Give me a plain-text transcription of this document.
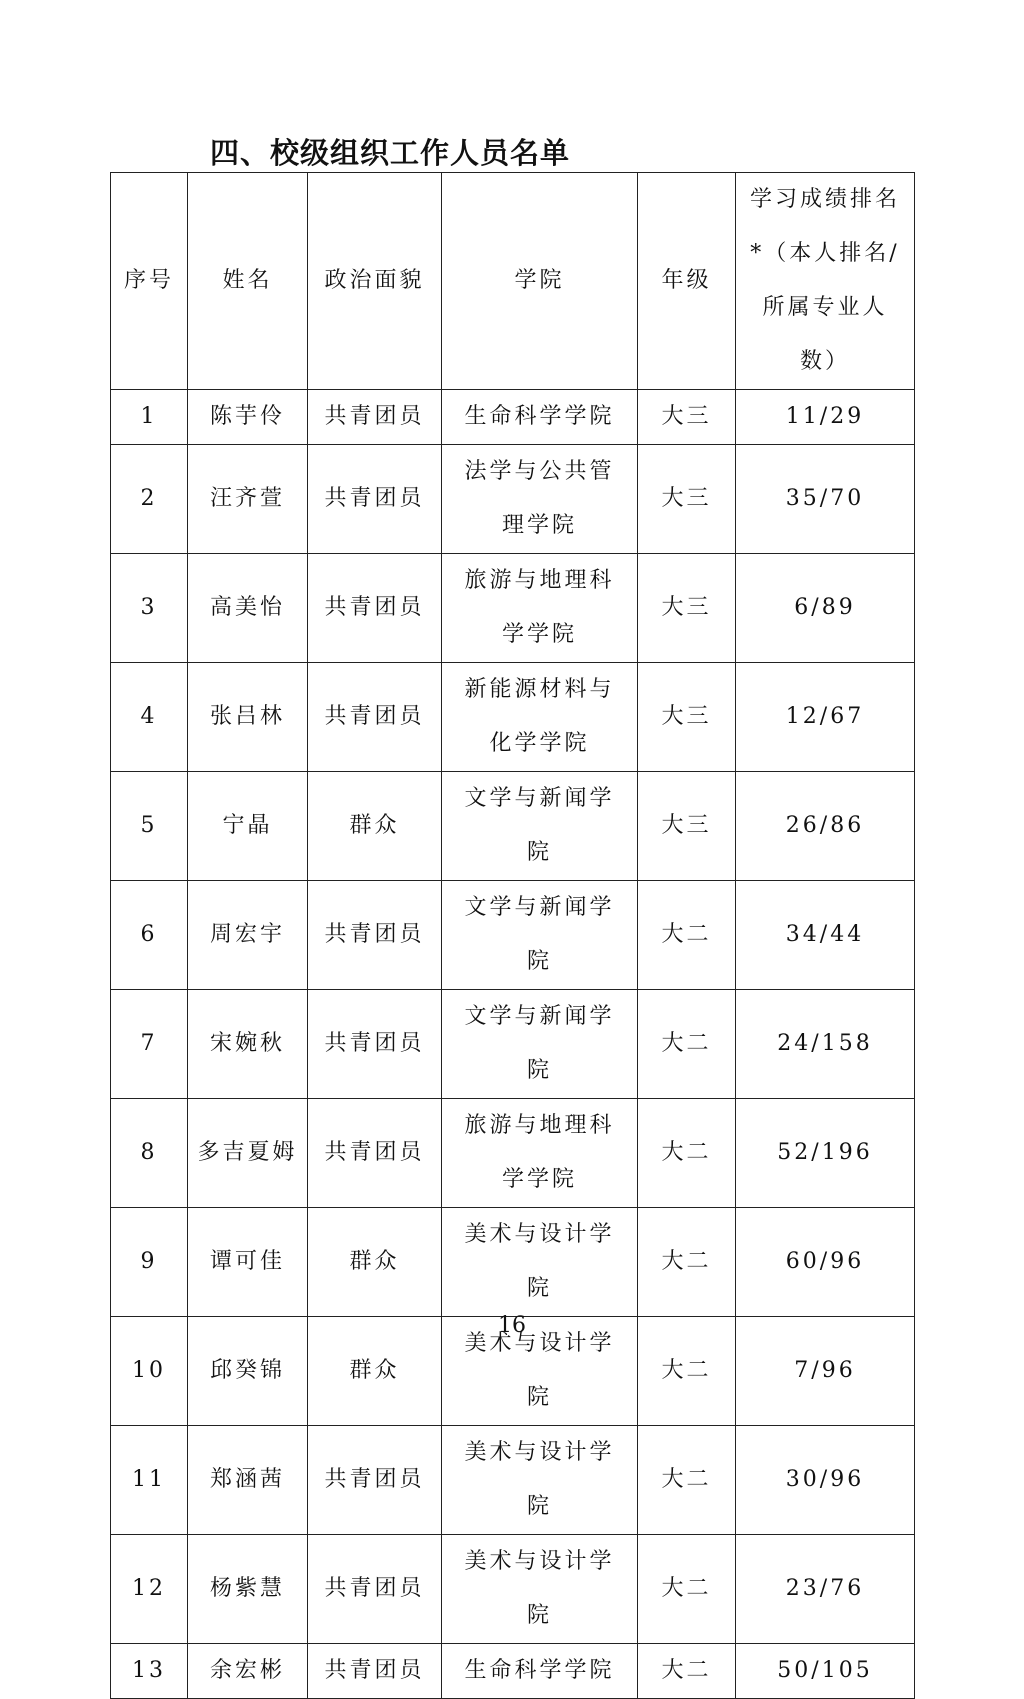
四、校级组织工作人员名单
序号	姓名	政治面貌	学院	年级	学习成绩排名*（本人排名/所属专业人数）

1	陈芋伶	共青团员	生命科学学院	大三	11/29
2	汪齐萱	共青团员	法学与公共管理学院	大三	35/70
3	高美怡	共青团员	旅游与地理科学学院	大三	6/89
4	张吕林	共青团员	新能源材料与化学学院	大三	12/67
5	宁晶	群众	文学与新闻学院	大三	26/86
6	周宏宇	共青团员	文学与新闻学院	大二	34/44
7	宋婉秋	共青团员	文学与新闻学院	大二	24/158
8	多吉夏姆	共青团员	旅游与地理科学学院	大二	52/196
9	谭可佳	群众	美术与设计学院	大二	60/96
10	邱癸锦	群众	美术与设计学院	大二	7/96
11	郑涵茜	共青团员	美术与设计学院	大二	30/96
12	杨紫慧	共青团员	美术与设计学院	大二	23/76
13	余宏彬	共青团员	生命科学学院	大二	50/105

16
